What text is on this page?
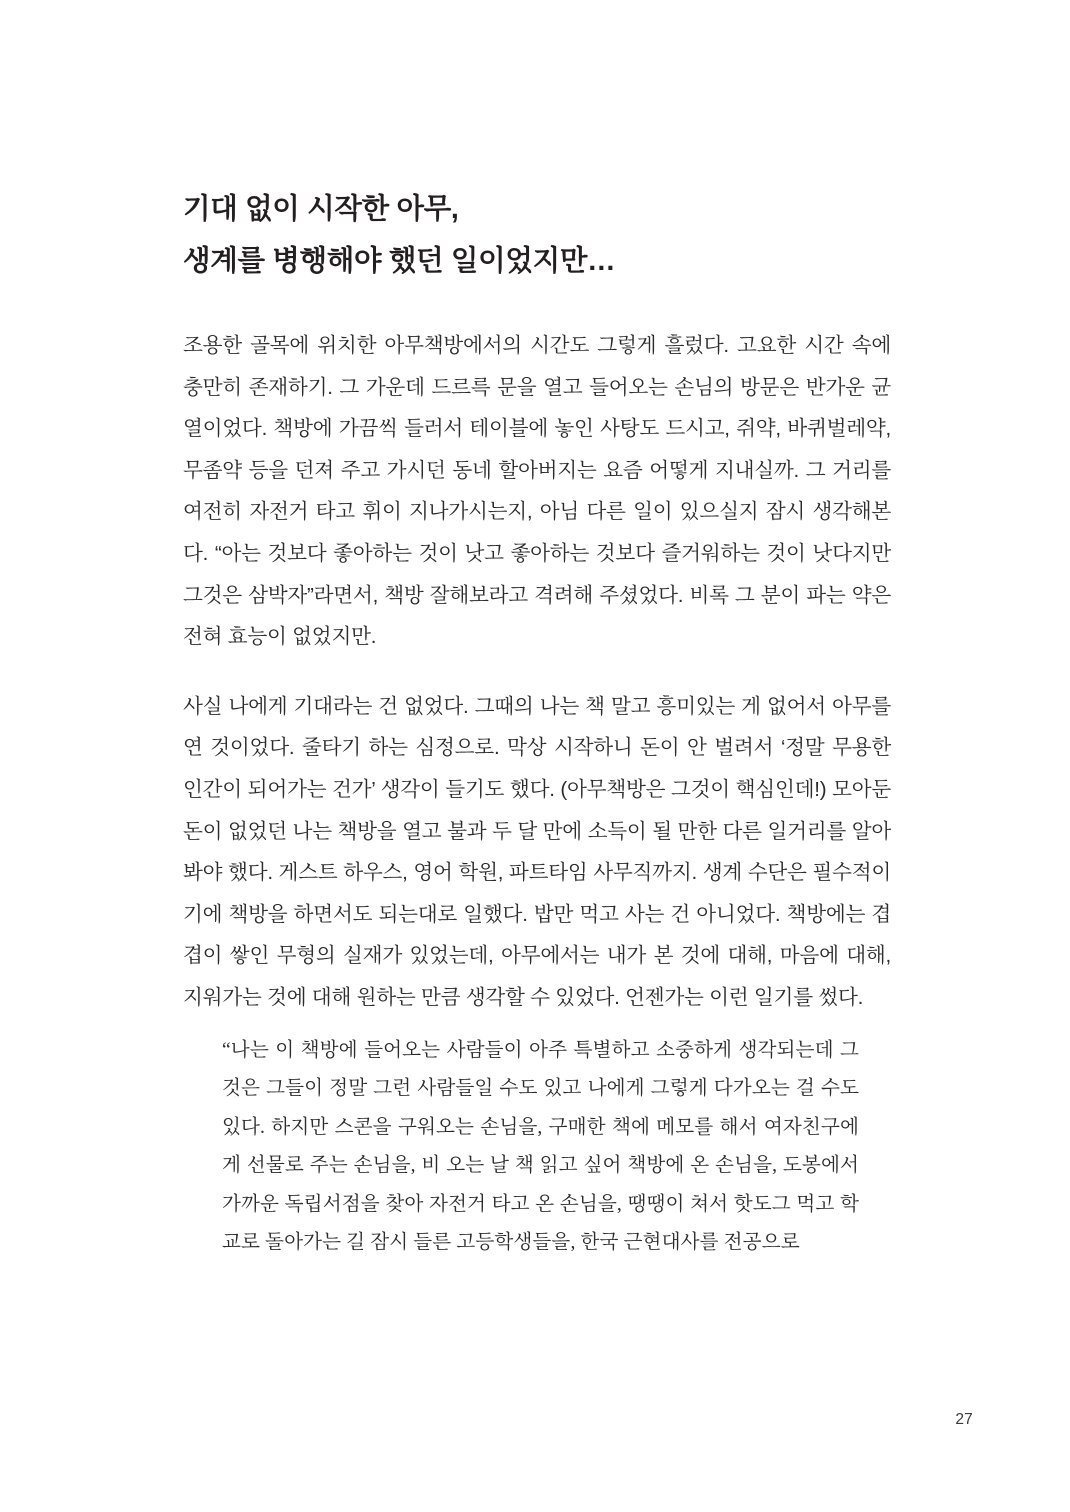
기대 없이 시작한 아무,
생계를 병행해야 했던 일이었지만…

조용한 골목에 위치한 아무책방에서의 시간도 그렇게 흘렀다. 고요한 시간 속에 충만히 존재하기. 그 가운데 드르륵 문을 열고 들어오는 손님의 방문은 반가운 균열이었다. 책방에 가끔씩 들러서 테이블에 놓인 사탕도 드시고, 쥐약, 바퀴벌레약, 무좀약 등을 던져 주고 가시던 동네 할아버지는 요즘 어떻게 지내실까. 그 거리를 여전히 자전거 타고 휘이 지나가시는지, 아님 다른 일이 있으실지 잠시 생각해본다. “아는 것보다 좋아하는 것이 낫고 좋아하는 것보다 즐거워하는 것이 낫다지만 그것은 삼박자”라면서, 책방 잘해보라고 격려해 주셨었다. 비록 그 분이 파는 약은 전혀 효능이 없었지만.

사실 나에게 기대라는 건 없었다. 그때의 나는 책 말고 흥미있는 게 없어서 아무를 연 것이었다. 줄타기 하는 심정으로. 막상 시작하니 돈이 안 벌려서 ‘정말 무용한 인간이 되어가는 건가’ 생각이 들기도 했다. (아무책방은 그것이 핵심인데!) 모아둔 돈이 없었던 나는 책방을 열고 불과 두 달 만에 소득이 될 만한 다른 일거리를 알아봐야 했다. 게스트 하우스, 영어 학원, 파트타임 사무직까지. 생계 수단은 필수적이기에 책방을 하면서도 되는대로 일했다. 밥만 먹고 사는 건 아니었다. 책방에는 겹겹이 쌓인 무형의 실재가 있었는데, 아무에서는 내가 본 것에 대해, 마음에 대해, 지워가는 것에 대해 원하는 만큼 생각할 수 있었다. 언젠가는 이런 일기를 썼다.

“나는 이 책방에 들어오는 사람들이 아주 특별하고 소중하게 생각되는데 그것은 그들이 정말 그런 사람들일 수도 있고 나에게 그렇게 다가오는 걸 수도 있다. 하지만 스콘을 구워오는 손님을, 구매한 책에 메모를 해서 여자친구에게 선물로 주는 손님을, 비 오는 날 책 읽고 싶어 책방에 온 손님을, 도봉에서 가까운 독립서점을 찾아 자전거 타고 온 손님을, 땡땡이 쳐서 핫도그 먹고 학교로 돌아가는 길 잠시 들른 고등학생들을, 한국 근현대사를 전공으로

27
